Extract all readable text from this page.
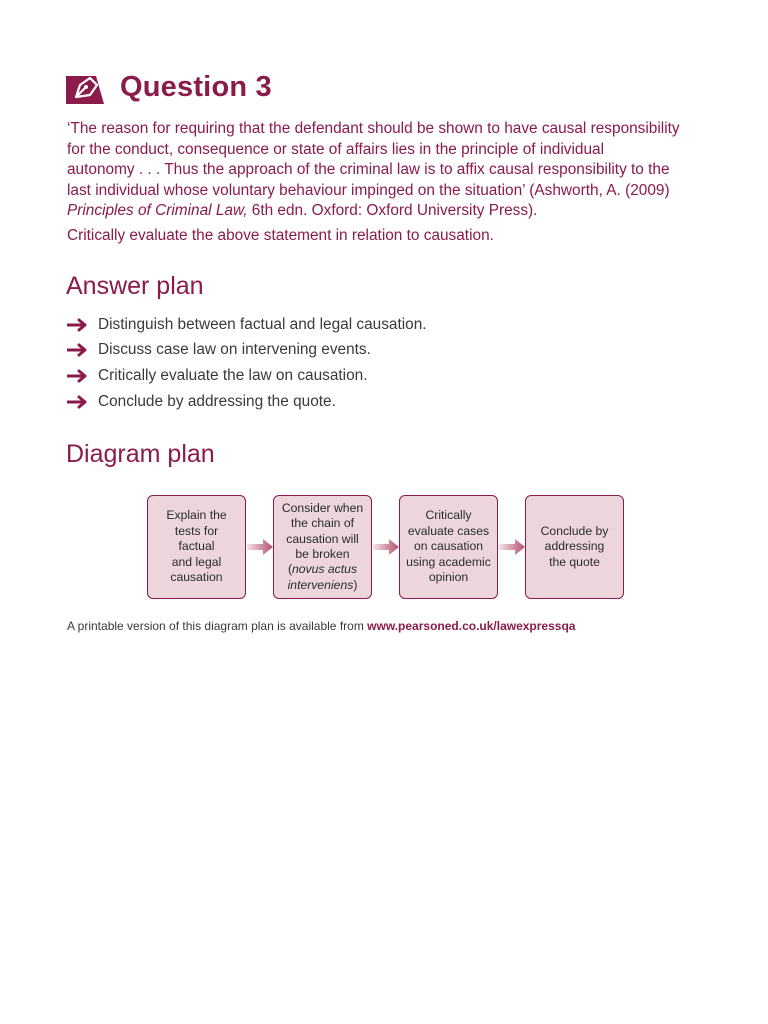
Question 3

‘The reason for requiring that the defendant should be shown to have causal responsibility
for the conduct, consequence or state of affairs lies in the principle of individual
autonomy . . . Thus the approach of the criminal law is to affix causal responsibility to the
last individual whose voluntary behaviour impinged on the situation’ (Ashworth, A. (2009)
Principles of Criminal Law, 6th edn. Oxford: Oxford University Press).

Critically evaluate the above statement in relation to causation.

Answer plan
Distinguish between factual and legal causation.
Discuss case law on intervening events.
Critically evaluate the law on causation.
Conclude by addressing the quote.
Diagram plan
Explain the
tests for
factual
and legal
causation
Consider when
the chain of
causation will
be broken
(novus actus
interveniens)
Critically
evaluate cases
on causation
using academic
opinion
Conclude by
addressing
the quote
A printable version of this diagram plan is available from www.pearsoned.co.uk/lawexpressqa
